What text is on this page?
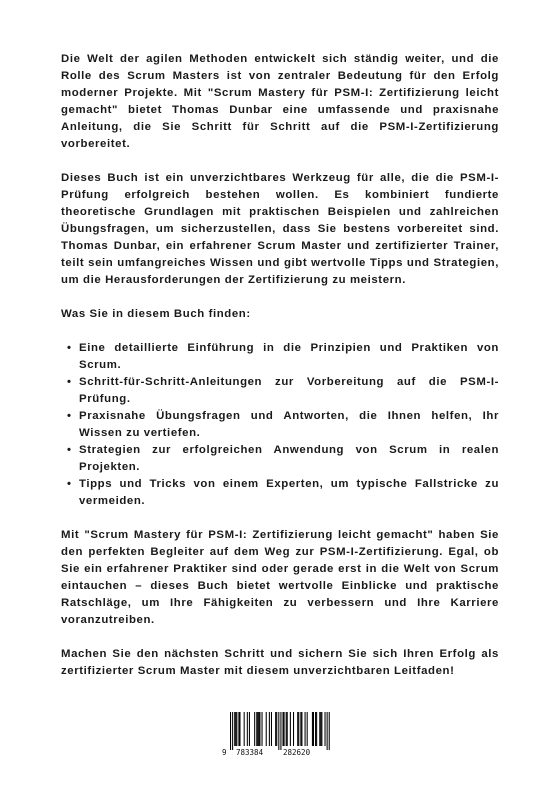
Die Welt der agilen Methoden entwickelt sich ständig weiter, und die Rolle des Scrum Masters ist von zentraler Bedeutung für den Erfolg moderner Projekte. Mit "Scrum Mastery für PSM-I: Zertifizierung leicht gemacht" bietet Thomas Dunbar eine umfassende und praxisnahe Anleitung, die Sie Schritt für Schritt auf die PSM-I-Zertifizierung vorbereitet.

Dieses Buch ist ein unverzichtbares Werkzeug für alle, die die PSM-I-Prüfung erfolgreich bestehen wollen. Es kombiniert fundierte theoretische Grundlagen mit praktischen Beispielen und zahlreichen Übungsfragen, um sicherzustellen, dass Sie bestens vorbereitet sind. Thomas Dunbar, ein erfahrener Scrum Master und zertifizierter Trainer, teilt sein umfangreiches Wissen und gibt wertvolle Tipps und Strategien, um die Herausforderungen der Zertifizierung zu meistern.

Was Sie in diesem Buch finden:

• Eine detaillierte Einführung in die Prinzipien und Praktiken von Scrum.
• Schritt-für-Schritt-Anleitungen zur Vorbereitung auf die PSM-I-Prüfung.
• Praxisnahe Übungsfragen und Antworten, die Ihnen helfen, Ihr Wissen zu vertiefen.
• Strategien zur erfolgreichen Anwendung von Scrum in realen Projekten.
• Tipps und Tricks von einem Experten, um typische Fallstricke zu vermeiden.

Mit "Scrum Mastery für PSM-I: Zertifizierung leicht gemacht" haben Sie den perfekten Begleiter auf dem Weg zur PSM-I-Zertifizierung. Egal, ob Sie ein erfahrener Praktiker sind oder gerade erst in die Welt von Scrum eintauchen – dieses Buch bietet wertvolle Einblicke und praktische Ratschläge, um Ihre Fähigkeiten zu verbessern und Ihre Karriere voranzutreiben.

Machen Sie den nächsten Schritt und sichern Sie sich Ihren Erfolg als zertifizierter Scrum Master mit diesem unverzichtbaren Leitfaden!

9 783384	282620
